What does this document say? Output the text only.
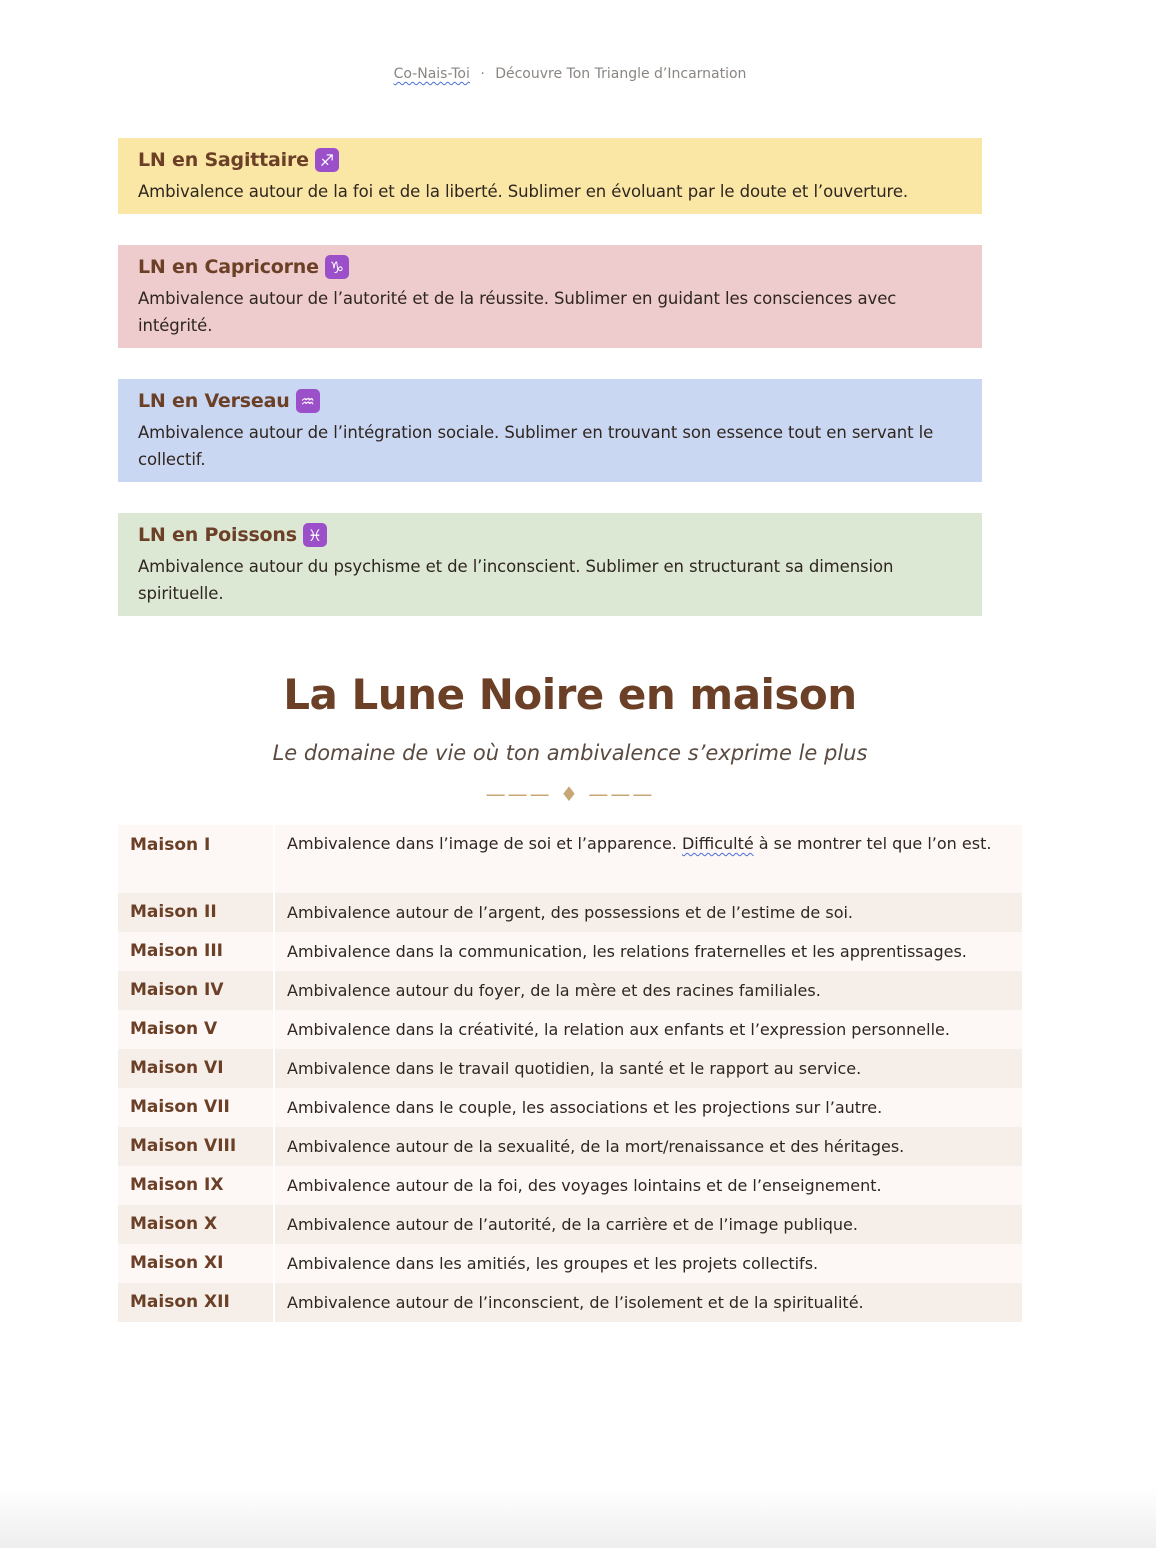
Co-Nais-Toi · Découvre Ton Triangle d’Incarnation
LN en Sagittaire ♐

Ambivalence autour de la foi et de la liberté. Sublimer en évoluant par le doute et l’ouverture.

LN en Capricorne ♑

Ambivalence autour de l’autorité et de la réussite. Sublimer en guidant les consciences avec intégrité.

LN en Verseau ♒

Ambivalence autour de l’intégration sociale. Sublimer en trouvant son essence tout en servant le collectif.

LN en Poissons ♓

Ambivalence autour du psychisme et de l’inconscient. Sublimer en structurant sa dimension spirituelle.

La Lune Noire en maison

Le domaine de vie où ton ambivalence s’exprime le plus

——— ♦ ———
Maison I	Ambivalence dans l’image de soi et l’apparence. Difficulté à se montrer tel que l’on est.
Maison II	Ambivalence autour de l’argent, des possessions et de l’estime de soi.
Maison III	Ambivalence dans la communication, les relations fraternelles et les apprentissages.
Maison IV	Ambivalence autour du foyer, de la mère et des racines familiales.
Maison V	Ambivalence dans la créativité, la relation aux enfants et l’expression personnelle.
Maison VI	Ambivalence dans le travail quotidien, la santé et le rapport au service.
Maison VII	Ambivalence dans le couple, les associations et les projections sur l’autre.
Maison VIII	Ambivalence autour de la sexualité, de la mort/renaissance et des héritages.
Maison IX	Ambivalence autour de la foi, des voyages lointains et de l’enseignement.
Maison X	Ambivalence autour de l’autorité, de la carrière et de l’image publique.
Maison XI	Ambivalence dans les amitiés, les groupes et les projets collectifs.
Maison XII	Ambivalence autour de l’inconscient, de l’isolement et de la spiritualité.
